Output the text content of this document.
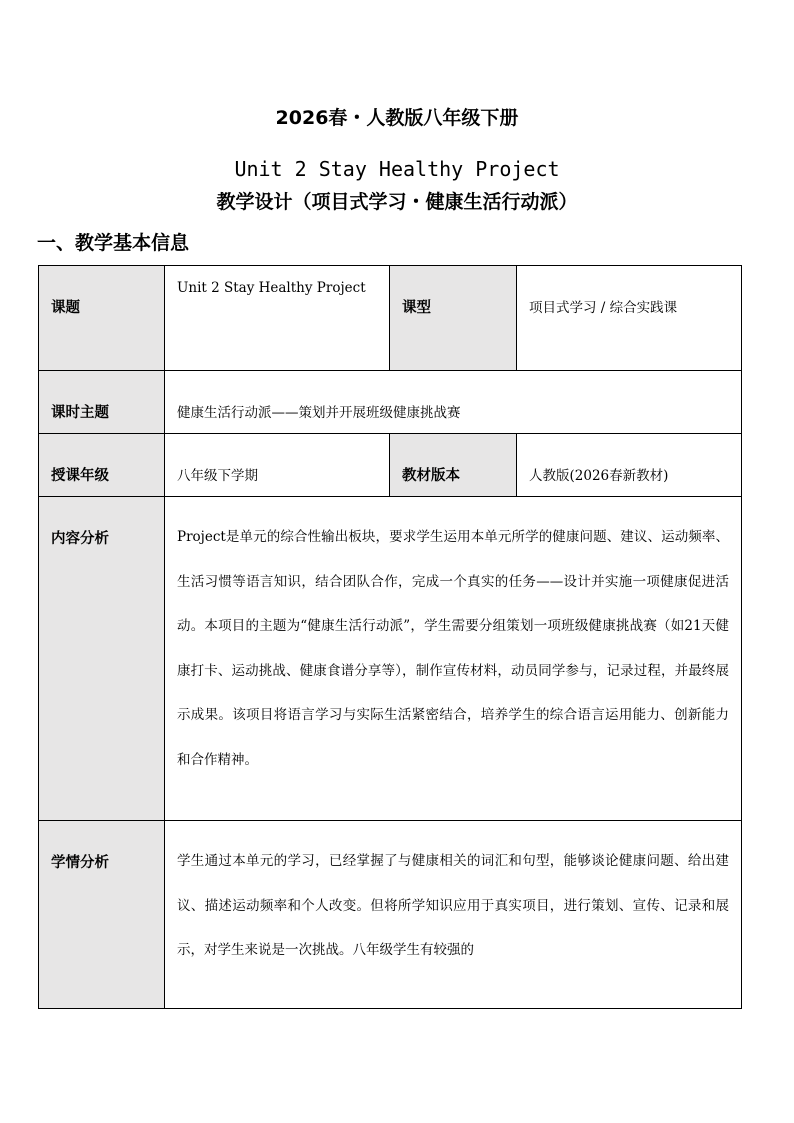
2026春・人教版八年级下册
Unit 2 Stay Healthy Project
教学设计（项目式学习・健康生活行动派）
一、教学基本信息
课题	Unit 2 Stay Healthy Project	课型	项目式学习 / 综合实践课

课时主题	健康生活行动派——策划并开展班级健康挑战赛		

授课年级	八年级下学期	教材版本	人教版(2026春新教材)

内容分析	Project是单元的综合性输出板块，要求学生运用本单元所学的健康问题、建议、运动频率、生活习惯等语言知识，结合团队合作，完成一个真实的任务——设计并实施一项健康促进活动。本项目的主题为“健康生活行动派”，学生需要分组策划一项班级健康挑战赛（如21天健康打卡、运动挑战、健康食谱分享等），制作宣传材料，动员同学参与，记录过程，并最终展示成果。该项目将语言学习与实际生活紧密结合，培养学生的综合语言运用能力、创新能力和合作精神。		

学情分析	学生通过本单元的学习，已经掌握了与健康相关的词汇和句型，能够谈论健康问题、给出建议、描述运动频率和个人改变。但将所学知识应用于真实项目，进行策划、宣传、记录和展示，对学生来说是一次挑战。八年级学生有较强的		
